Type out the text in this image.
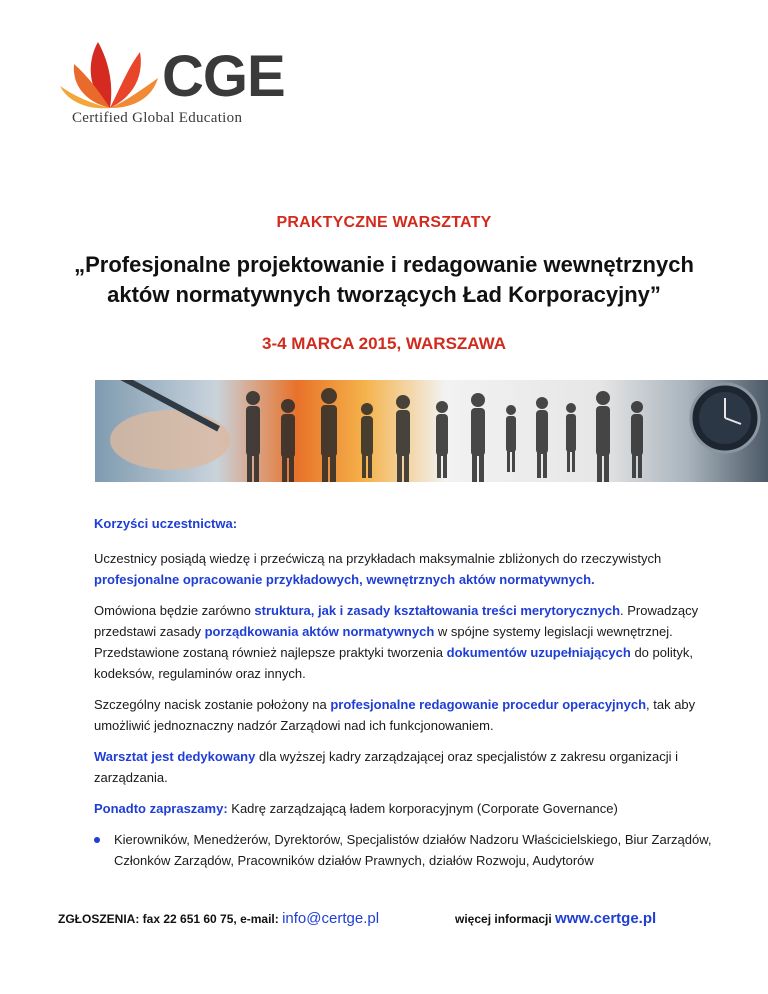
CGE
Certified Global Education
PRAKTYCZNE WARSZTATY
„Profesjonalne projektowanie i redagowanie wewnętrznych
aktów normatywnych tworzących Ład Korporacyjny”
3-4 MARCA 2015, WARSZAWA

Korzyści uczestnictwa:

Uczestnicy posiądą wiedzę i przećwiczą na przykładach maksymalnie zbliżonych do rzeczywistych profesjonalne opracowanie przykładowych, wewnętrznych aktów normatywnych.

Omówiona będzie zarówno struktura, jak i zasady kształtowania treści merytorycznych. Prowadzący przedstawi zasady porządkowania aktów normatywnych w spójne systemy legislacji wewnętrznej. Przedstawione zostaną również najlepsze praktyki tworzenia dokumentów uzupełniających do polityk, kodeksów, regulaminów oraz innych.

Szczególny nacisk zostanie położony na profesjonalne redagowanie procedur operacyjnych, tak aby umożliwić jednoznaczny nadzór Zarządowi nad ich funkcjonowaniem.

Warsztat jest dedykowany dla wyższej kadry zarządzającej oraz specjalistów z zakresu organizacji i zarządzania.

Ponadto zapraszamy: Kadrę zarządzającą ładem korporacyjnym (Corporate Governance)

Kierowników, Menedżerów, Dyrektorów, Specjalistów działów Nadzoru Właścicielskiego, Biur Zarządów, Członków Zarządów, Pracowników działów Prawnych, działów Rozwoju, Audytorów
ZGŁOSZENIA: fax 22 651 60 75, e-mail: info@certge.pl	więcej informacji www.certge.pl
